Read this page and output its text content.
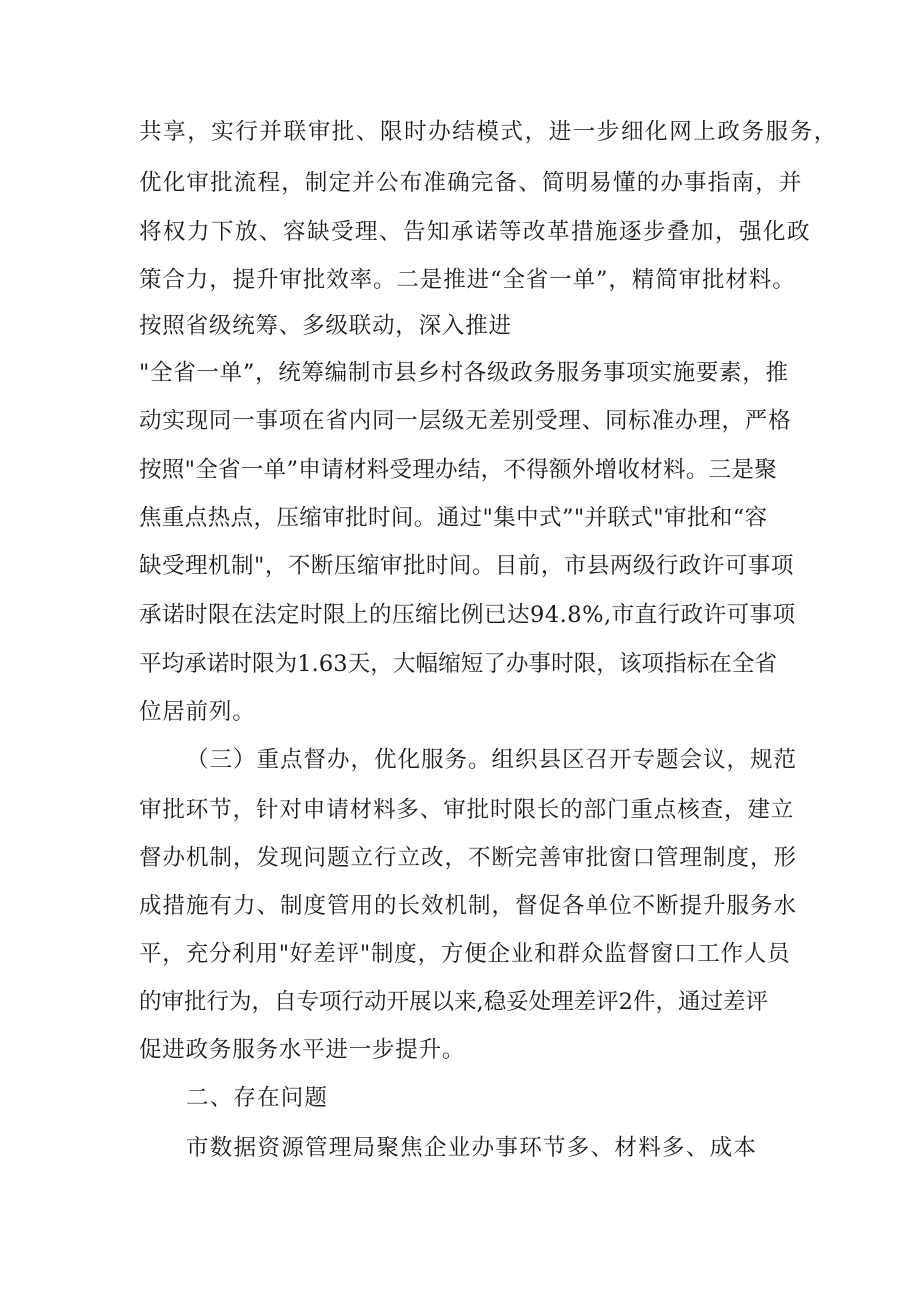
共享，实行并联审批、限时办结模式，进一步细化网上政务服务，
优化审批流程，制定并公布准确完备、简明易懂的办事指南，并
将权力下放、容缺受理、告知承诺等改革措施逐步叠加，强化政
策合力，提升审批效率。二是推进“全省一单”，精简审批材料。
按照省级统筹、多级联动，深入推进
"全省一单”，统筹编制市县乡村各级政务服务事项实施要素，推
动实现同一事项在省内同一层级无差别受理、同标准办理，严格
按照"全省一单”申请材料受理办结，不得额外增收材料。三是聚
焦重点热点，压缩审批时间。通过"集中式”"并联式"审批和“容
缺受理机制"，不断压缩审批时间。目前，市县两级行政许可事项
承诺时限在法定时限上的压缩比例已达94.8%,市直行政许可事项
平均承诺时限为1.63天，大幅缩短了办事时限，该项指标在全省
位居前列。
（三）重点督办，优化服务。组织县区召开专题会议，规范
审批环节，针对申请材料多、审批时限长的部门重点核查，建立
督办机制，发现问题立行立改，不断完善审批窗口管理制度，形
成措施有力、制度管用的长效机制，督促各单位不断提升服务水
平，充分利用"好差评"制度，方便企业和群众监督窗口工作人员
的审批行为，自专项行动开展以来,稳妥处理差评2件，通过差评
促进政务服务水平进一步提升。
二、存在问题
市数据资源管理局聚焦企业办事环节多、材料多、成本
